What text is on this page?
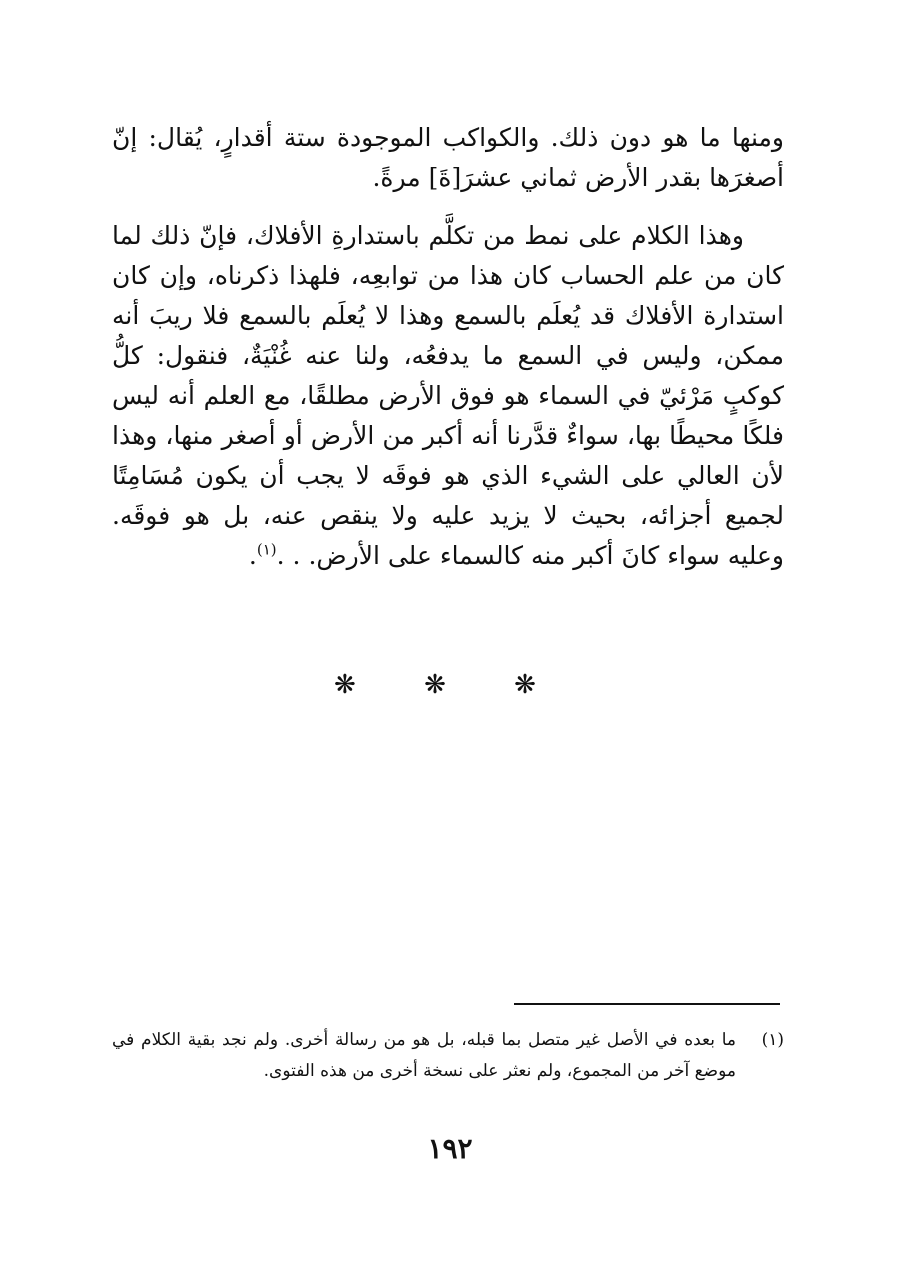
ومنها ما هو دون ذلك. والكواكب الموجودة ستة أقدارٍ، يُقال: إنّ أصغرَها بقدر الأرض ثماني عشرَ[ةَ] مرةً.

وهذا الكلام على نمط من تكلَّم باستدارةِ الأفلاك، فإنّ ذلك لما كان من علم الحساب كان هذا من توابعِه، فلهذا ذكرناه، وإن كان استدارة الأفلاك قد يُعلَم بالسمع وهذا لا يُعلَم بالسمع فلا ريبَ أنه ممكن، وليس في السمع ما يدفعُه، ولنا عنه غُنْيَةٌ، فنقول: كلُّ كوكبٍ مَرْئيّ في السماء هو فوق الأرض مطلقًا، مع العلم أنه ليس فلكًا محيطًا بها، سواءٌ قدَّرنا أنه أكبر من الأرض أو أصغر منها، وهذا لأن العالي على الشيء الذي هو فوقَه لا يجب أن يكون مُسَامِتًا لجميع أجزائه، بحيث لا يزيد عليه ولا ينقص عنه، بل هو فوقَه. وعليه سواء كانَ أكبر منه كالسماء على الأرض. . .$^{(١)}$.

❋ ❋ ❋
(١)
ما بعده في الأصل غير متصل بما قبله، بل هو من رسالة أخرى. ولم نجد بقية الكلام في موضع آخر من المجموع، ولم نعثر على نسخة أخرى من هذه الفتوى.
١٩٢
